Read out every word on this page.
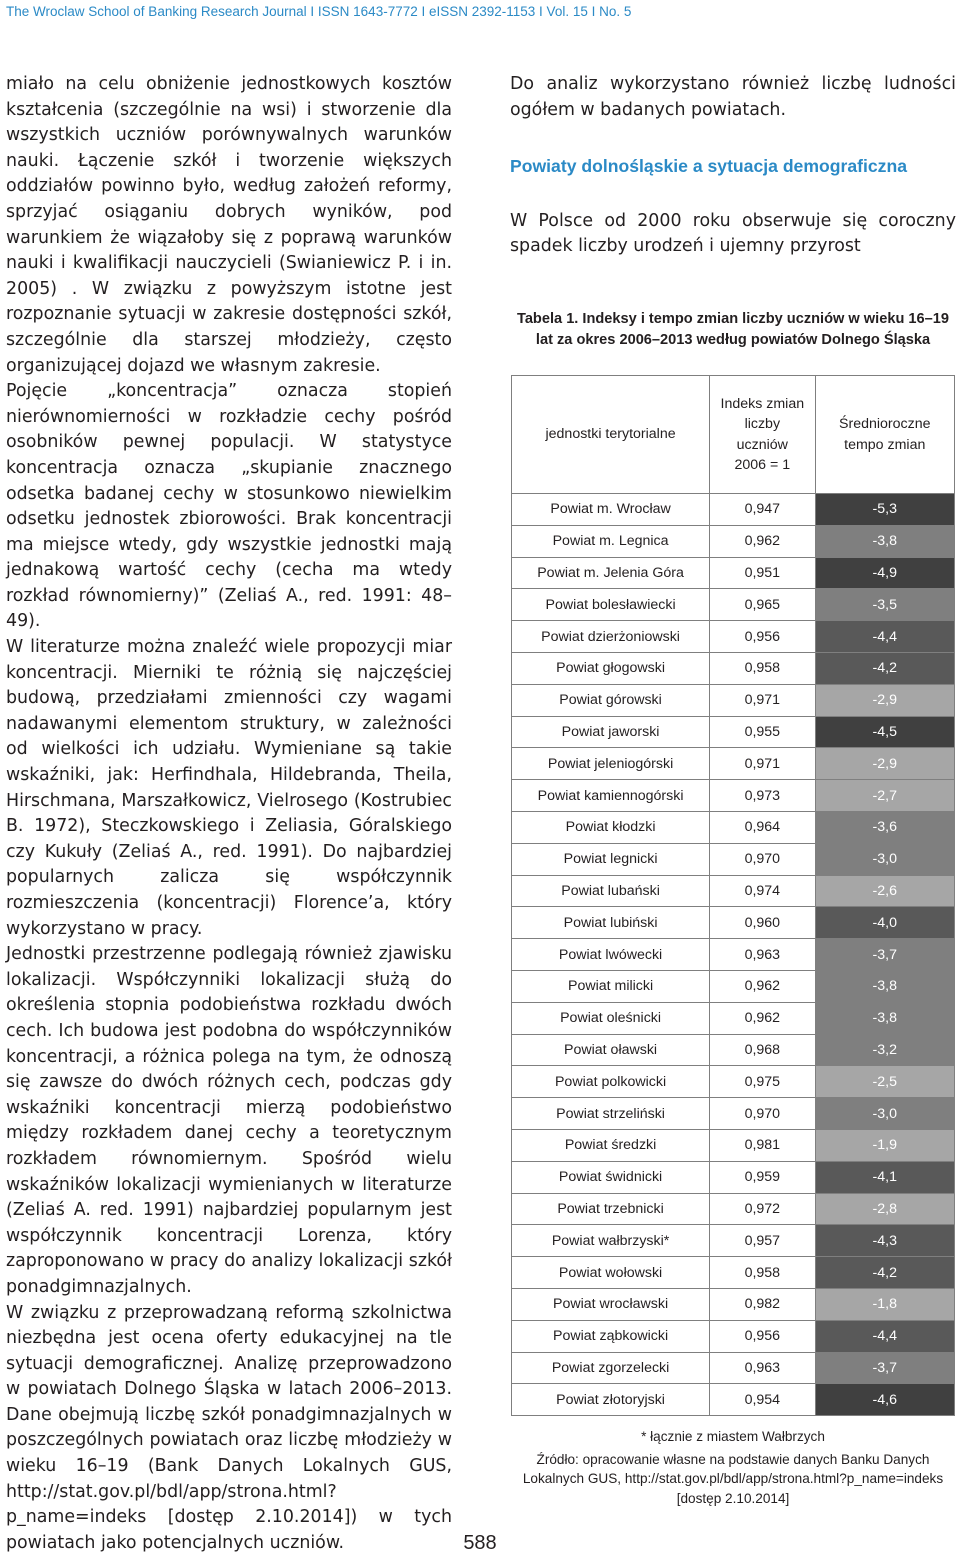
The Wroclaw School of Banking Research Journal I ISSN 1643-7772 I eISSN 2392-1153 I Vol. 15 I No. 5

miało na celu obniżenie jednostkowych kosztów kształcenia (szczególnie na wsi) i stworzenie dla wszystkich uczniów porównywalnych warunków nauki. Łączenie szkół i tworzenie większych oddziałów powinno było, według założeń reformy, sprzyjać osiąganiu dobrych wyników, pod warunkiem że wiązałoby się z poprawą warunków nauki i kwalifikacji nauczycieli (Swianiewicz P. i in. 2005) . W związku z powyższym istotne jest rozpoznanie sytuacji w zakresie dostępności szkół, szczególnie dla starszej młodzieży, często organizującej dojazd we własnym zakresie.

Pojęcie „koncentracja” oznacza stopień nierównomierności w rozkładzie cechy pośród osobników pewnej populacji. W statystyce koncentracja oznacza „skupianie znacznego odsetka badanej cechy w stosunkowo niewielkim odsetku jednostek zbiorowości. Brak koncentracji ma miejsce wtedy, gdy wszystkie jednostki mają jednakową wartość cechy (cecha ma wtedy rozkład równomierny)” (Zeliaś A., red. 1991: 48–49).

W literaturze można znaleźć wiele propozycji miar koncentracji. Mierniki te różnią się najczęściej budową, przedziałami zmienności czy wagami nadawanymi elementom struktury, w zależności od wielkości ich udziału. Wymieniane są takie wskaźniki, jak: Herfindhala, Hildebranda, Theila, Hirschmana, Marszałkowicz, Vielrosego (Kostrubiec B. 1972), Steczkowskiego i Zeliasia, Góralskiego czy Kukuły (Zeliaś A., red. 1991). Do najbardziej popularnych zalicza się współczynnik rozmieszczenia (koncentracji) Florence’a, który wykorzystano w pracy.

Jednostki przestrzenne podlegają również zjawisku lokalizacji. Współczynniki lokalizacji służą do określenia stopnia podobieństwa rozkładu dwóch cech. Ich budowa jest podobna do współczynników koncentracji, a różnica polega na tym, że odnoszą się zawsze do dwóch różnych cech, podczas gdy wskaźniki koncentracji mierzą podobieństwo między rozkładem danej cechy a teoretycznym rozkładem równomiernym. Spośród wielu wskaźników lokalizacji wymienianych w literaturze (Zeliaś A. red. 1991) najbardziej popularnym jest współczynnik koncentracji Lorenza, który zaproponowano w pracy do analizy lokalizacji szkół ponadgimnazjalnych.

W związku z przeprowadzaną reformą szkolnictwa niezbędna jest ocena oferty edukacyjnej na tle sytuacji demograficznej. Analizę przeprowadzono w powiatach Dolnego Śląska w latach 2006–2013. Dane obejmują liczbę szkół ponadgimnazjalnych w poszczególnych powiatach oraz liczbę młodzieży w wieku 16–19 (Bank Danych Lokalnych GUS, http://stat.gov.pl/bdl/app/strona.html?p_name=indeks [dostęp 2.10.2014]) w tych powiatach jako potencjalnych uczniów.

Do analiz wykorzystano również liczbę ludności ogółem w badanych powiatach.

Powiaty dolnośląskie a sytuacja demograficzna

W Polsce od 2000 roku obserwuje się coroczny spadek liczby urodzeń i ujemny przyrost

Tabela 1. Indeksy i tempo zmian liczby uczniów w wieku 16–19 lat za okres 2006–2013 według powiatów Dolnego Śląska
jednostki terytorialne	Indeks zmian liczby uczniów 2006 = 1	Średnioroczne tempo zmian

Powiat m. Wrocław	0,947	-5,3
Powiat m. Legnica	0,962	-3,8
Powiat m. Jelenia Góra	0,951	-4,9
Powiat bolesławiecki	0,965	-3,5
Powiat dzierżoniowski	0,956	-4,4
Powiat głogowski	0,958	-4,2
Powiat górowski	0,971	-2,9
Powiat jaworski	0,955	-4,5
Powiat jeleniogórski	0,971	-2,9
Powiat kamiennogórski	0,973	-2,7
Powiat kłodzki	0,964	-3,6
Powiat legnicki	0,970	-3,0
Powiat lubański	0,974	-2,6
Powiat lubiński	0,960	-4,0
Powiat lwówecki	0,963	-3,7
Powiat milicki	0,962	-3,8
Powiat oleśnicki	0,962	-3,8
Powiat oławski	0,968	-3,2
Powiat polkowicki	0,975	-2,5
Powiat strzeliński	0,970	-3,0
Powiat średzki	0,981	-1,9
Powiat świdnicki	0,959	-4,1
Powiat trzebnicki	0,972	-2,8
Powiat wałbrzyski*	0,957	-4,3
Powiat wołowski	0,958	-4,2
Powiat wrocławski	0,982	-1,8
Powiat ząbkowicki	0,956	-4,4
Powiat zgorzelecki	0,963	-3,7
Powiat złotoryjski	0,954	-4,6
* łącznie z miastem Wałbrzych
Źródło: opracowanie własne na podstawie danych Banku Danych Lokalnych GUS, http://stat.gov.pl/bdl/app/strona.html?p_name=indeks [dostęp 2.10.2014]
588
